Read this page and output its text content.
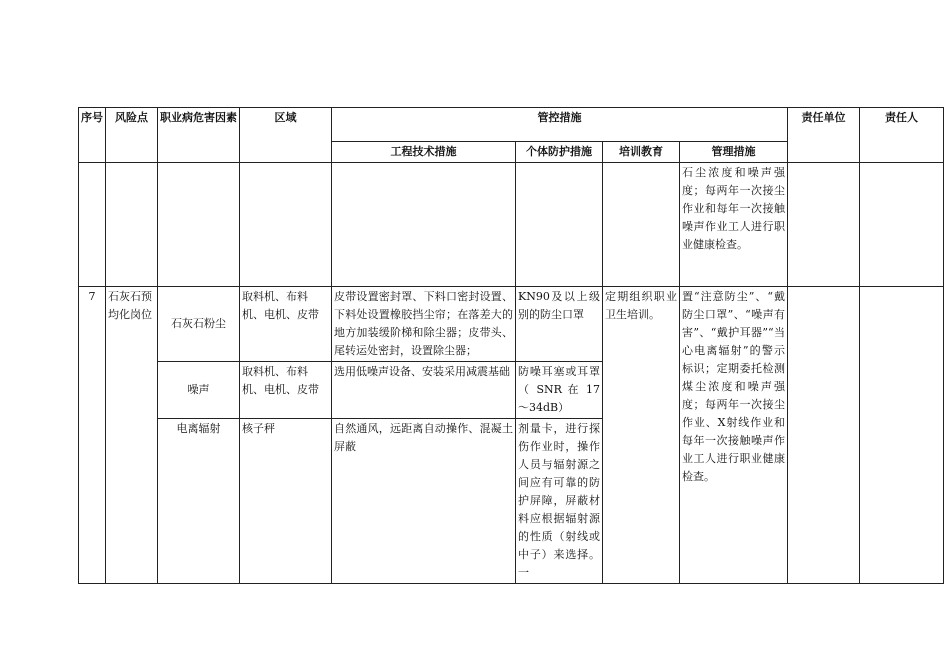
序号	风险点	职业病危害因素	区域	管控措施				责任单位	责任人
				工程技术措施	个体防护措施	培训教育	管理措施		
							石尘浓度和噪声强度；每两年一次接尘作业和每年一次接触噪声作业工人进行职业健康检查。		
7	石灰石预均化岗位	石灰石粉尘	取料机、布料机、电机、皮带	皮带设置密封罩、下料口密封设置、下料处设置橡胶挡尘帘；在落差大的地方加装缓阶梯和除尘器；皮带头、尾转运处密封，设置除尘器；	KN90及以上级别的防尘口罩	定期组织职业卫生培训。	置“注意防尘”、“戴防尘口罩”、“噪声有害”、“戴护耳器”“当心电离辐射”的警示标识；定期委托检测煤尘浓度和噪声强度；每两年一次接尘作业、X射线作业和每年一次接触噪声作业工人进行职业健康检查。		
		噪声	取料机、布料机、电机、皮带	选用低噪声设备、安装采用减震基础	防噪耳塞或耳罩（ SNR 在 17 ～34dB）				
		电离辐射	核子秤	自然通风，远距离自动操作、混凝土屏蔽	剂量卡，进行探伤作业时，操作人员与辐射源之间应有可靠的防护屏障，屏蔽材料应根据辐射源的性质（射线或中子）来选择。一				
